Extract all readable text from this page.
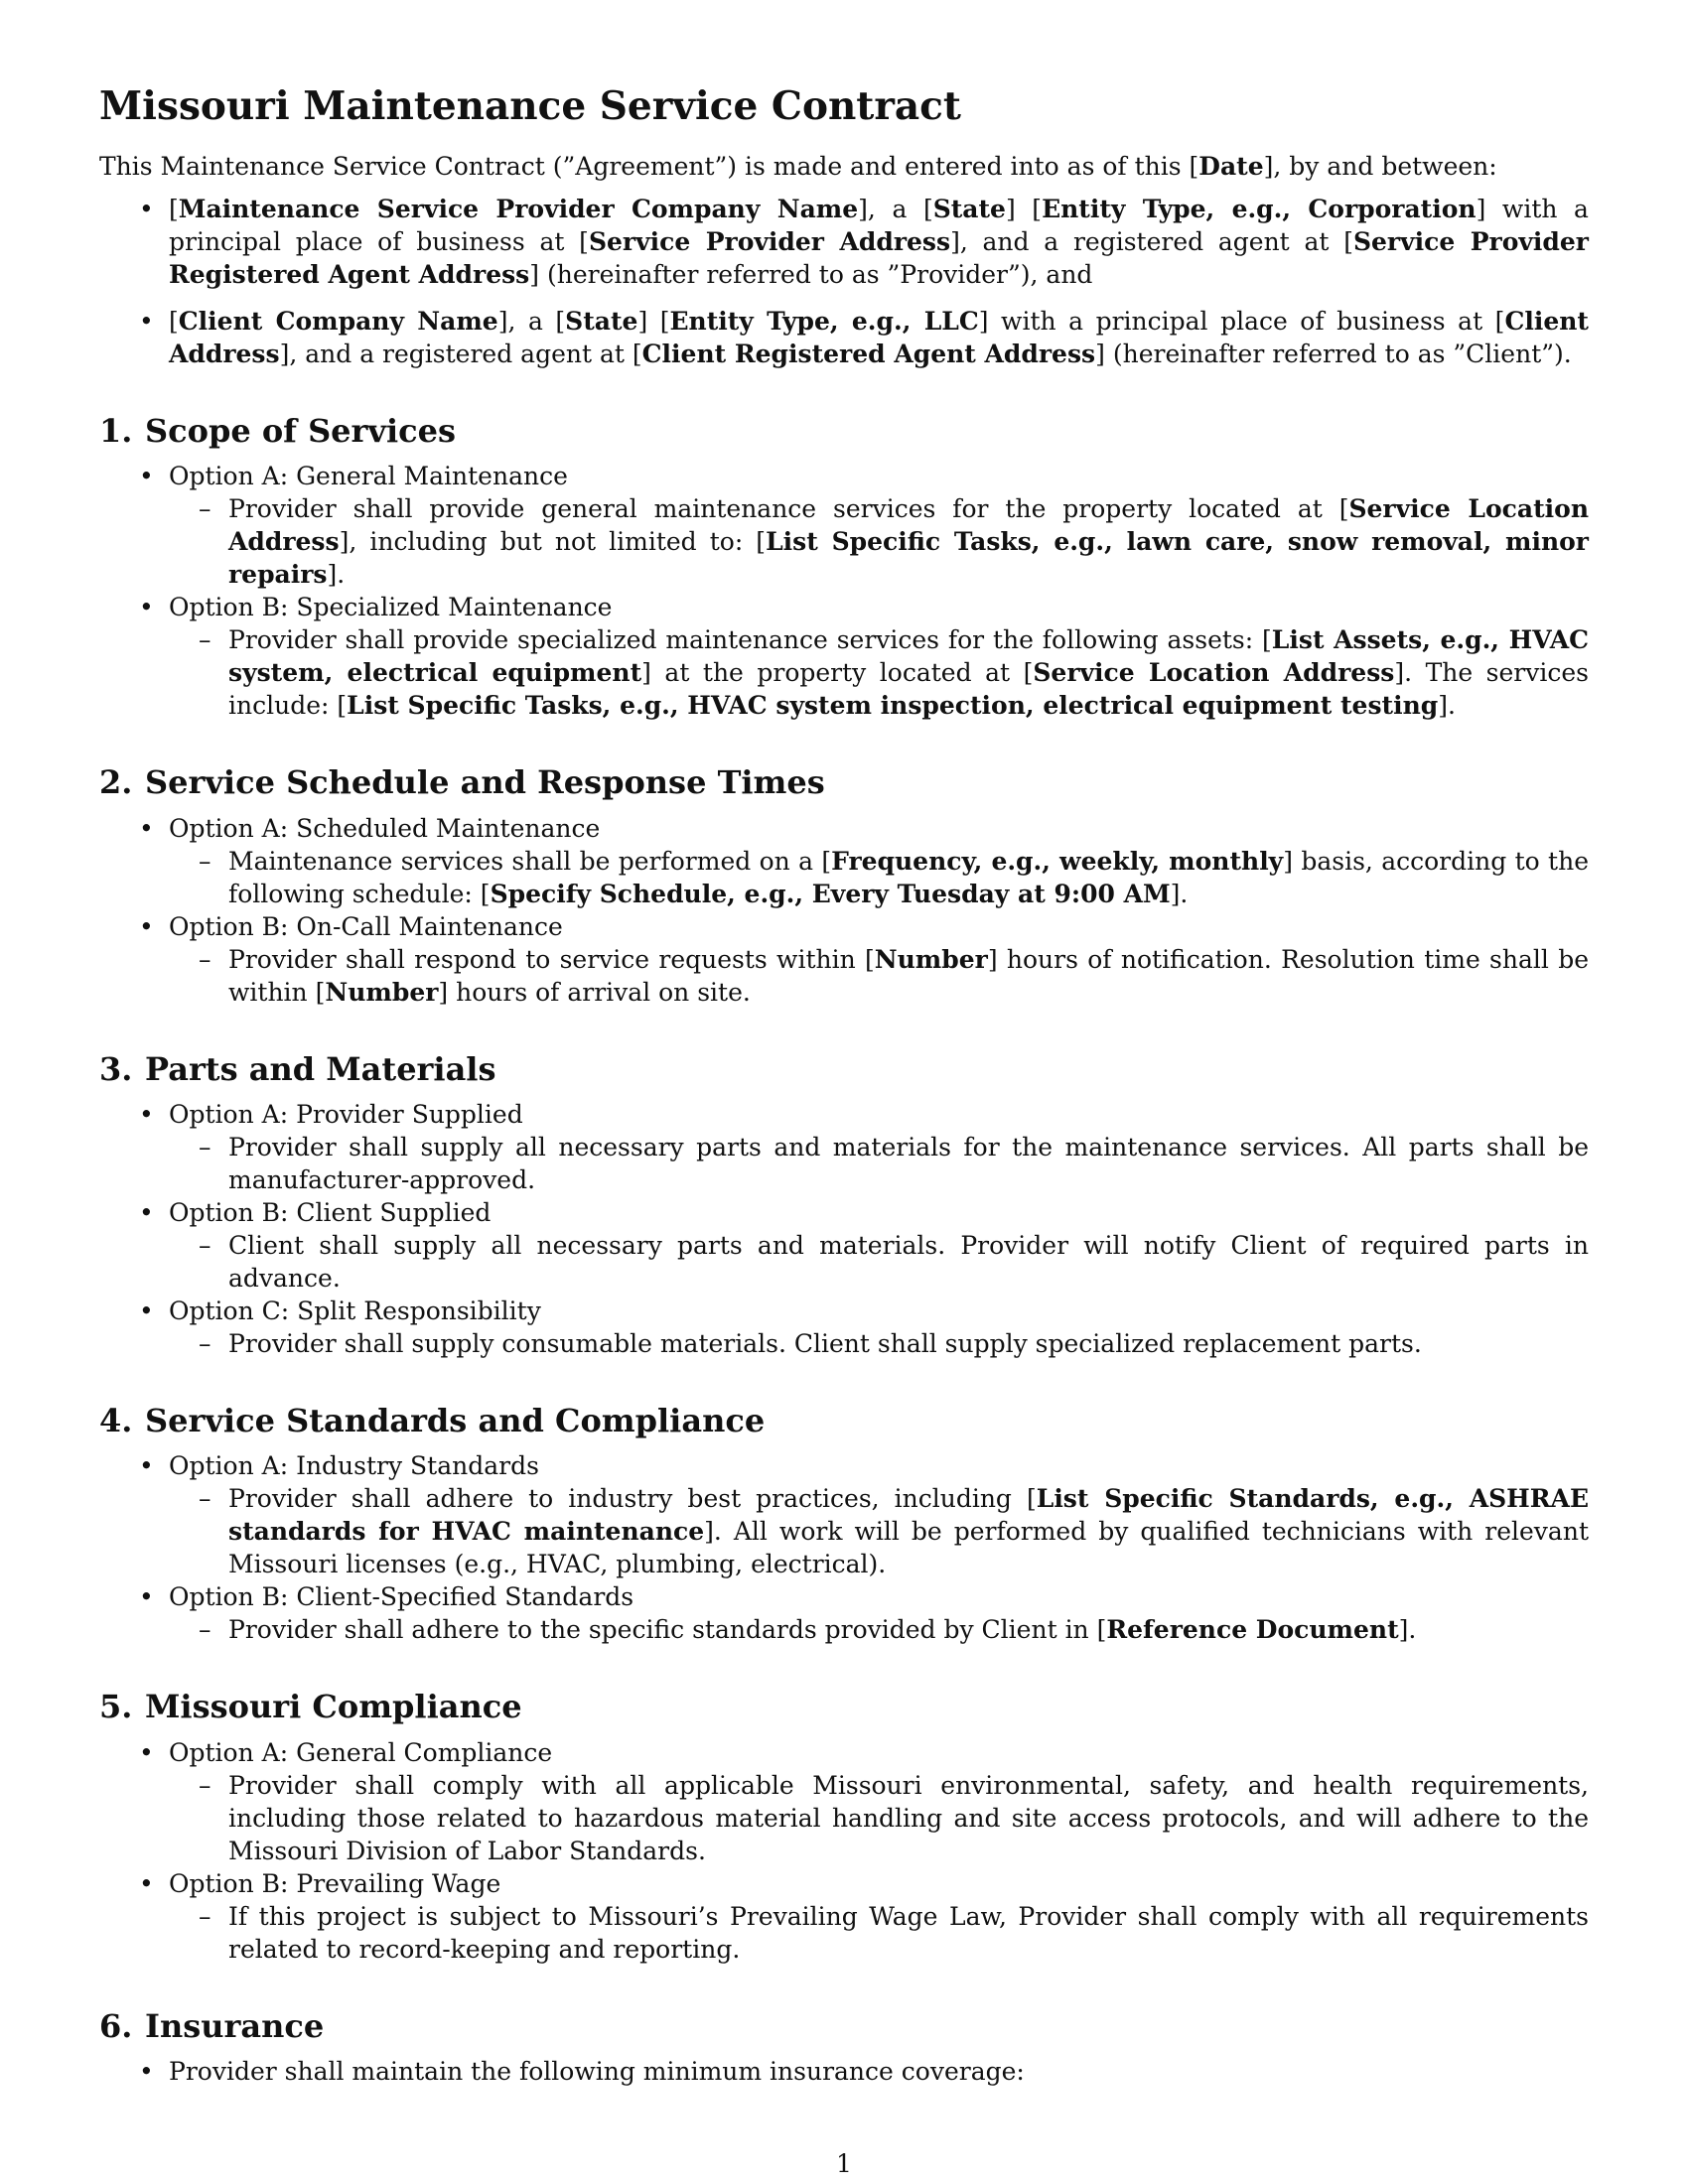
Missouri Maintenance Service Contract

This Maintenance Service Contract (”Agreement”) is made and entered into as of this [Date], by and between:

• [Maintenance Service Provider Company Name], a [State] [Entity Type, e.g., Corporation] with a principal place of business at [Service Provider Address], and a registered agent at [Service Provider Registered Agent Address] (hereinafter referred to as ”Provider”), and
• [Client Company Name], a [State] [Entity Type, e.g., LLC] with a principal place of business at [Client Address], and a registered agent at [Client Registered Agent Address] (hereinafter referred to as ”Client”).
1. Scope of Services
• Option A: General Maintenance
– Provider shall provide general maintenance services for the property located at [Service Location Address], including but not limited to: [List Specific Tasks, e.g., lawn care, snow removal, minor repairs].
• Option B: Specialized Maintenance
– Provider shall provide specialized maintenance services for the following assets: [List Assets, e.g., HVAC system, electrical equipment] at the property located at [Service Location Address]. The services include: [List Specific Tasks, e.g., HVAC system inspection, electrical equipment testing].
2. Service Schedule and Response Times
• Option A: Scheduled Maintenance
– Maintenance services shall be performed on a [Frequency, e.g., weekly, monthly] basis, according to the following schedule: [Specify Schedule, e.g., Every Tuesday at 9:00 AM].
• Option B: On-Call Maintenance
– Provider shall respond to service requests within [Number] hours of notification. Resolution time shall be within [Number] hours of arrival on site.
3. Parts and Materials
• Option A: Provider Supplied
– Provider shall supply all necessary parts and materials for the maintenance services. All parts shall be manufacturer-approved.
• Option B: Client Supplied
– Client shall supply all necessary parts and materials. Provider will notify Client of required parts in advance.
• Option C: Split Responsibility
– Provider shall supply consumable materials. Client shall supply specialized replacement parts.
4. Service Standards and Compliance
• Option A: Industry Standards
– Provider shall adhere to industry best practices, including [List Specific Standards, e.g., ASHRAE standards for HVAC maintenance]. All work will be performed by qualified technicians with relevant Missouri licenses (e.g., HVAC, plumbing, electrical).
• Option B: Client-Specified Standards
– Provider shall adhere to the specific standards provided by Client in [Reference Document].
5. Missouri Compliance
• Option A: General Compliance
– Provider shall comply with all applicable Missouri environmental, safety, and health requirements, including those related to hazardous material handling and site access protocols, and will adhere to the Missouri Division of Labor Standards.
• Option B: Prevailing Wage
– If this project is subject to Missouri’s Prevailing Wage Law, Provider shall comply with all requirements related to record-keeping and reporting.
6. Insurance
• Provider shall maintain the following minimum insurance coverage:
1
